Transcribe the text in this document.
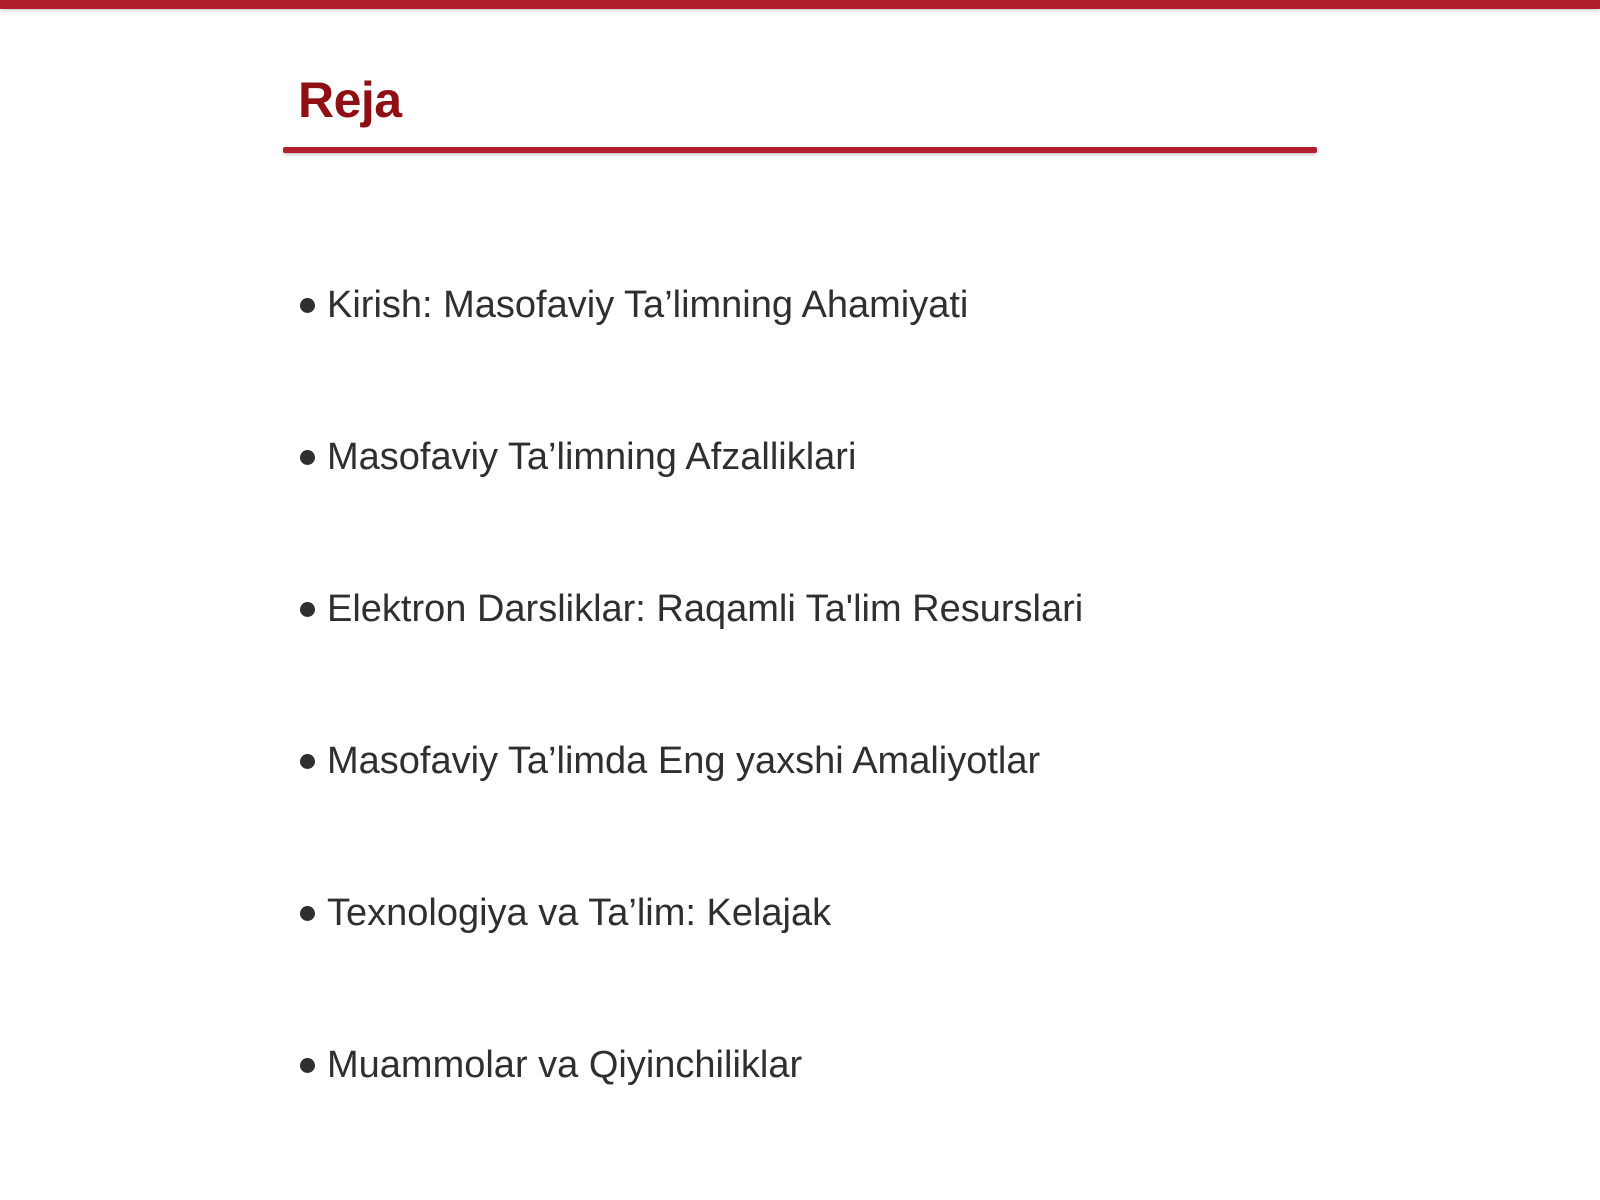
Reja
Kirish: Masofaviy Ta’limning Ahamiyati
Masofaviy Ta’limning Afzalliklari
Elektron Darsliklar: Raqamli Ta'lim Resurslari
Masofaviy Ta’limda Eng yaxshi Amaliyotlar
Texnologiya va Ta’lim: Kelajak
Muammolar va Qiyinchiliklar
